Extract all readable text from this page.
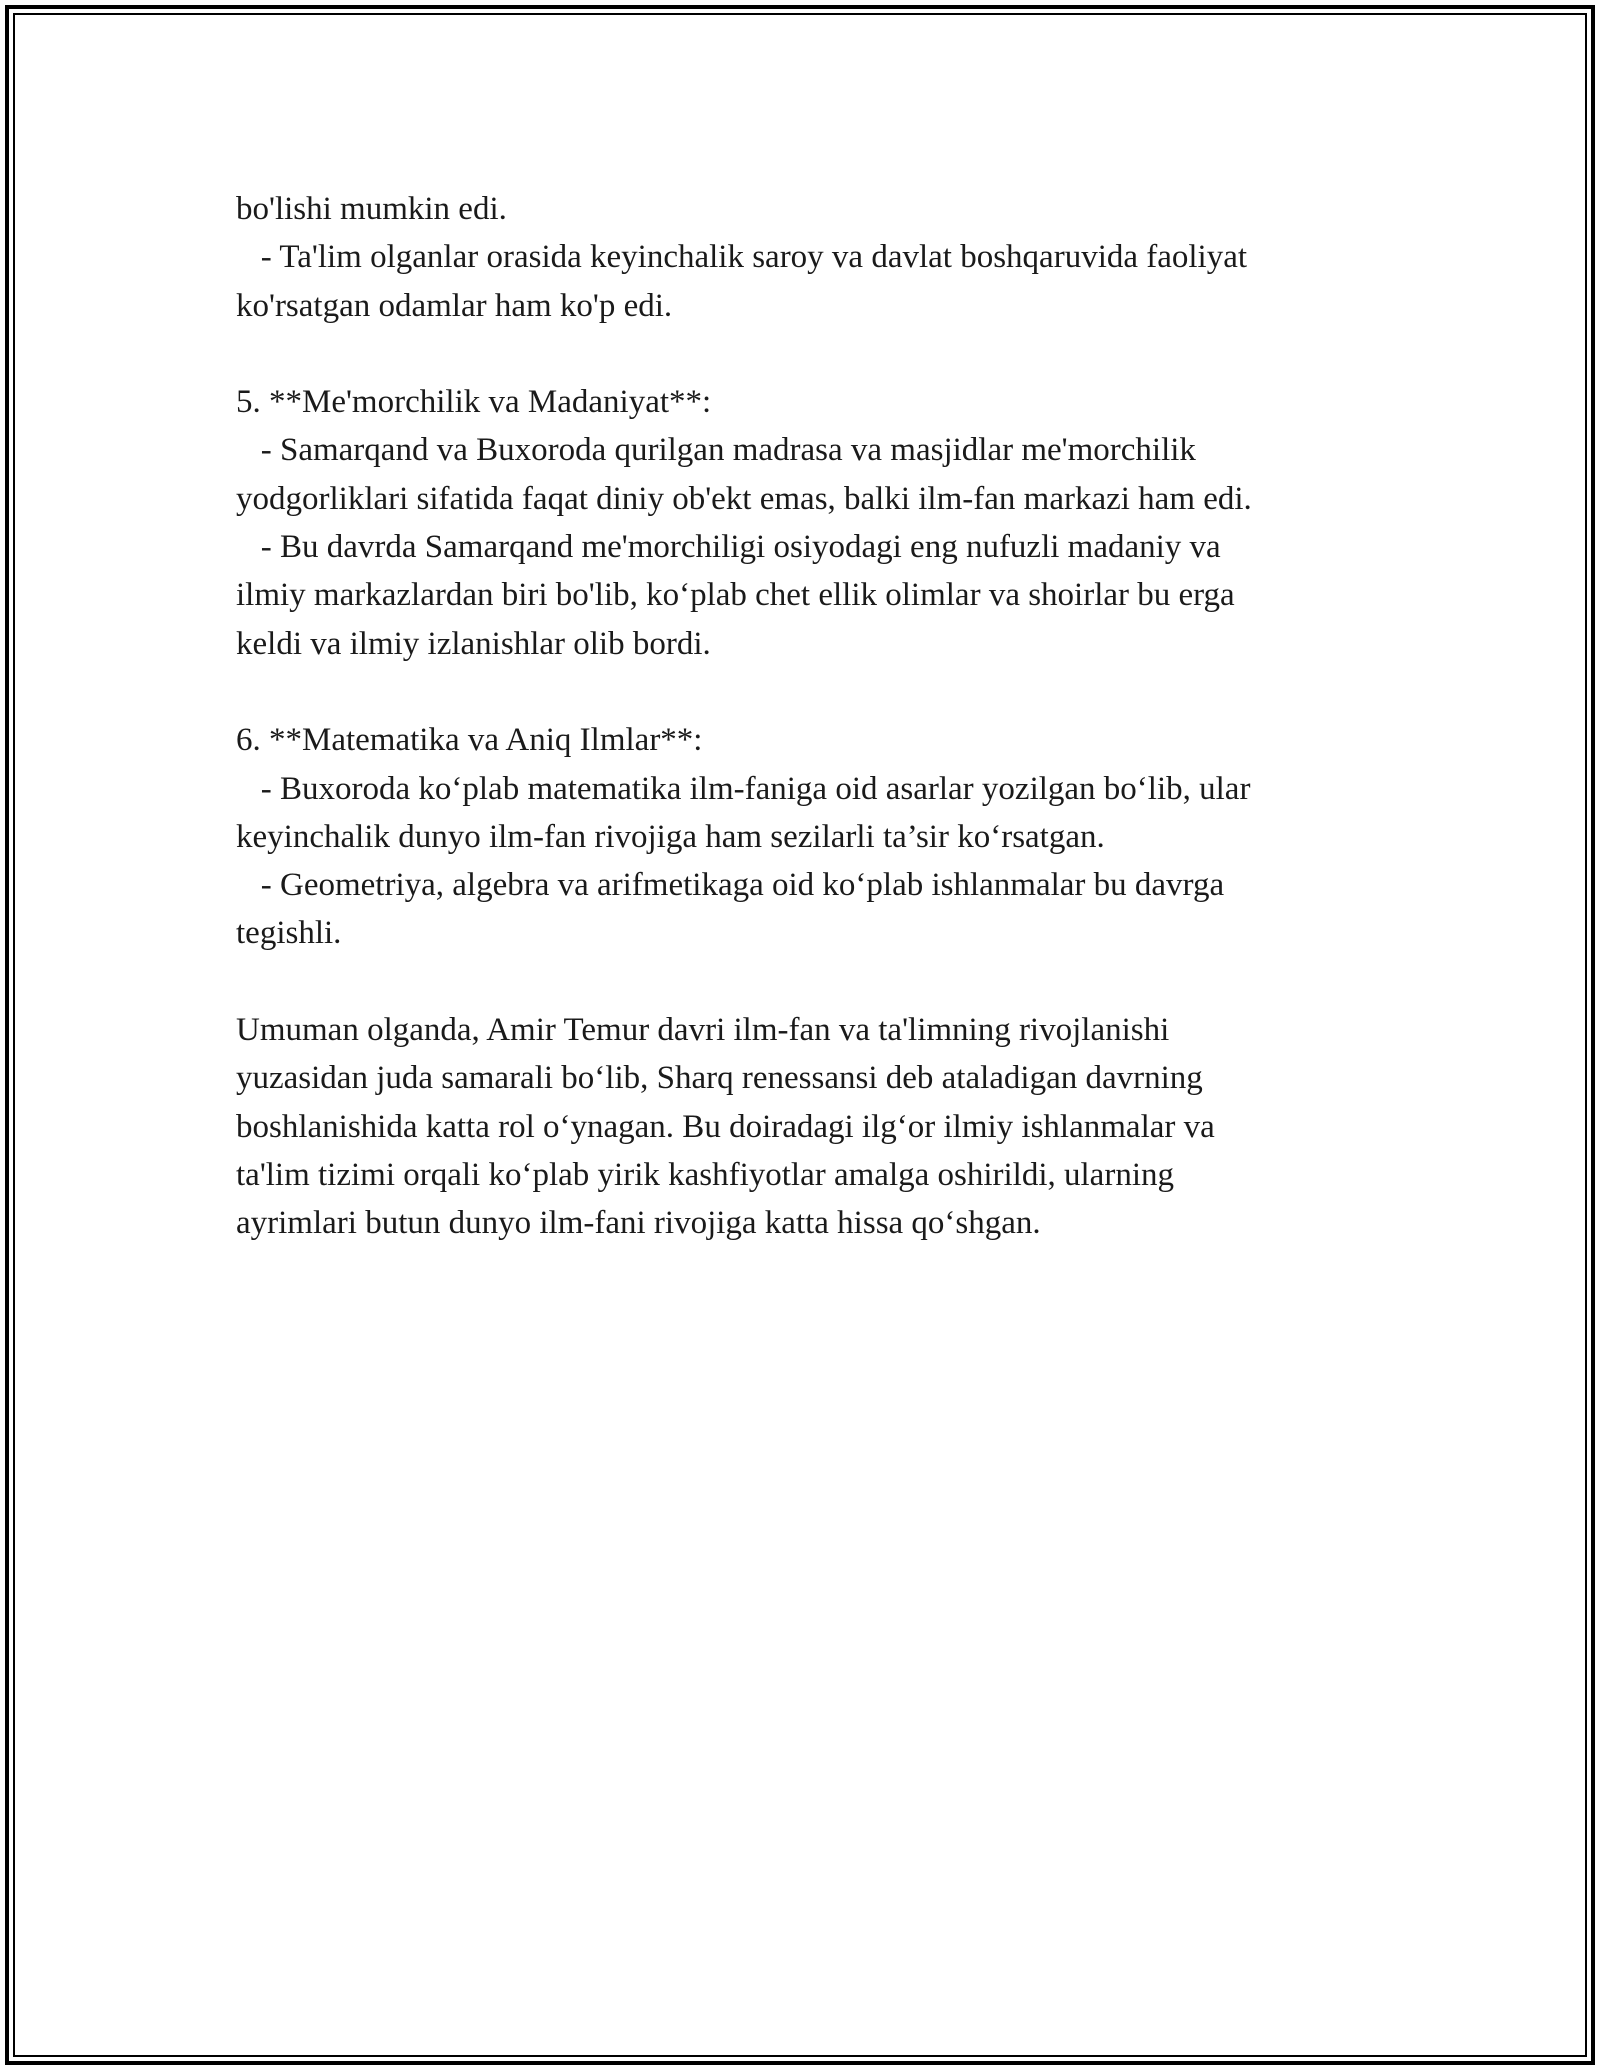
bo'lishi mumkin edi.
- Ta'lim olganlar orasida keyinchalik saroy va davlat boshqaruvida faoliyat
ko'rsatgan odamlar ham ko'p edi.
5. **Me'morchilik va Madaniyat**:
- Samarqand va Buxoroda qurilgan madrasa va masjidlar me'morchilik
yodgorliklari sifatida faqat diniy ob'ekt emas, balki ilm-fan markazi ham edi.
- Bu davrda Samarqand me'morchiligi osiyodagi eng nufuzli madaniy va
ilmiy markazlardan biri bo'lib, ko‘plab chet ellik olimlar va shoirlar bu erga
keldi va ilmiy izlanishlar olib bordi.
6. **Matematika va Aniq Ilmlar**:
- Buxoroda ko‘plab matematika ilm-faniga oid asarlar yozilgan bo‘lib, ular
keyinchalik dunyo ilm-fan rivojiga ham sezilarli ta’sir ko‘rsatgan.
- Geometriya, algebra va arifmetikaga oid ko‘plab ishlanmalar bu davrga
tegishli.
Umuman olganda, Amir Temur davri ilm-fan va ta'limning rivojlanishi
yuzasidan juda samarali bo‘lib, Sharq renessansi deb ataladigan davrning
boshlanishida katta rol o‘ynagan. Bu doiradagi ilg‘or ilmiy ishlanmalar va
ta'lim tizimi orqali ko‘plab yirik kashfiyotlar amalga oshirildi, ularning
ayrimlari butun dunyo ilm-fani rivojiga katta hissa qo‘shgan.
